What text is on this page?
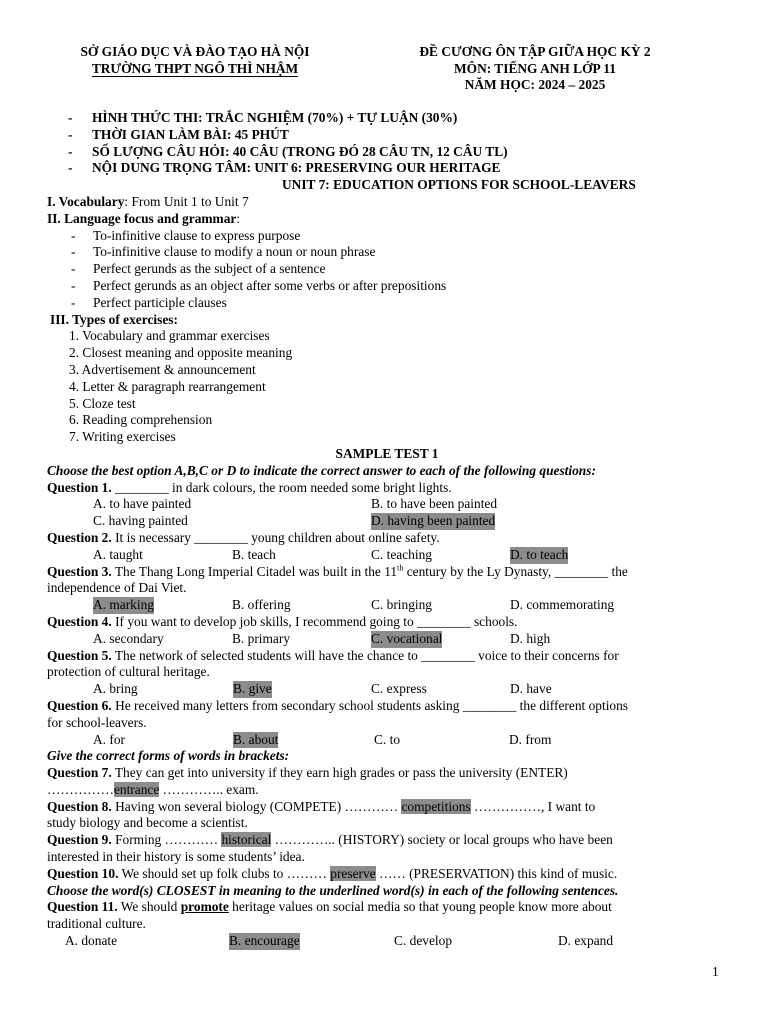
SỞ GIÁO DỤC VÀ ĐÀO TẠO HÀ NỘI
TRƯỜNG THPT NGÔ THÌ NHẬM
ĐỀ CƯƠNG ÔN TẬP GIỮA HỌC KỲ 2
MÔN: TIẾNG ANH LỚP 11
NĂM HỌC: 2024 – 2025
- HÌNH THỨC THI: TRẮC NGHIỆM (70%) + TỰ LUẬN (30%)
- THỜI GIAN LÀM BÀI: 45 PHÚT
- SỐ LƯỢNG CÂU HỎI: 40 CÂU (TRONG ĐÓ 28 CÂU TN, 12 CÂU TL)
- NỘI DUNG TRỌNG TÂM: UNIT 6: PRESERVING OUR HERITAGE
UNIT 7: EDUCATION OPTIONS FOR SCHOOL-LEAVERS
I. Vocabulary: From Unit 1 to Unit 7
II. Language focus and grammar:
- To-infinitive clause to express purpose
- To-infinitive clause to modify a noun or noun phrase
- Perfect gerunds as the subject of a sentence
- Perfect gerunds as an object after some verbs or after prepositions
- Perfect participle clauses
III. Types of exercises:
1. Vocabulary and grammar exercises
2. Closest meaning and opposite meaning
3. Advertisement & announcement
4. Letter & paragraph rearrangement
5. Cloze test
6. Reading comprehension
7. Writing exercises
SAMPLE TEST 1
Choose the best option A,B,C or D to indicate the correct answer to each of the following questions:
Question 1. ________ in dark colours, the room needed some bright lights.
A. to have painted	B. to have been painted
C. having painted	D. having been painted
Question 2. It is necessary ________ young children about online safety.
A. taught	B. teach	C. teaching	D. to teach
Question 3. The Thang Long Imperial Citadel was built in the 11th century by the Ly Dynasty, ________ the
independence of Dai Viet.
A. marking	B. offering	C. bringing	D. commemorating
Question 4. If you want to develop job skills, I recommend going to ________ schools.
A. secondary	B. primary	C. vocational	D. high
Question 5. The network of selected students will have the chance to ________ voice to their concerns for
protection of cultural heritage.
A. bring	B. give	C. express	D. have
Question 6. He received many letters from secondary school students asking ________ the different options
for school-leavers.
A. for	B. about	C. to	D. from
Give the correct forms of words in brackets:
Question 7. They can get into university if they earn high grades or pass the university (ENTER)
……………entrance ………….. exam.
Question 8. Having won several biology (COMPETE) ………… competitions ……………, I want to
study biology and become a scientist.
Question 9. Forming ………… historical ………….. (HISTORY) society or local groups who have been
interested in their history is some students’ idea.
Question 10. We should set up folk clubs to ……… preserve …… (PRESERVATION) this kind of music.
Choose the word(s) CLOSEST in meaning to the underlined word(s) in each of the following sentences.
Question 11. We should promote heritage values on social media so that young people know more about
traditional culture.
A. donate	B. encourage	C. develop	D. expand
1
